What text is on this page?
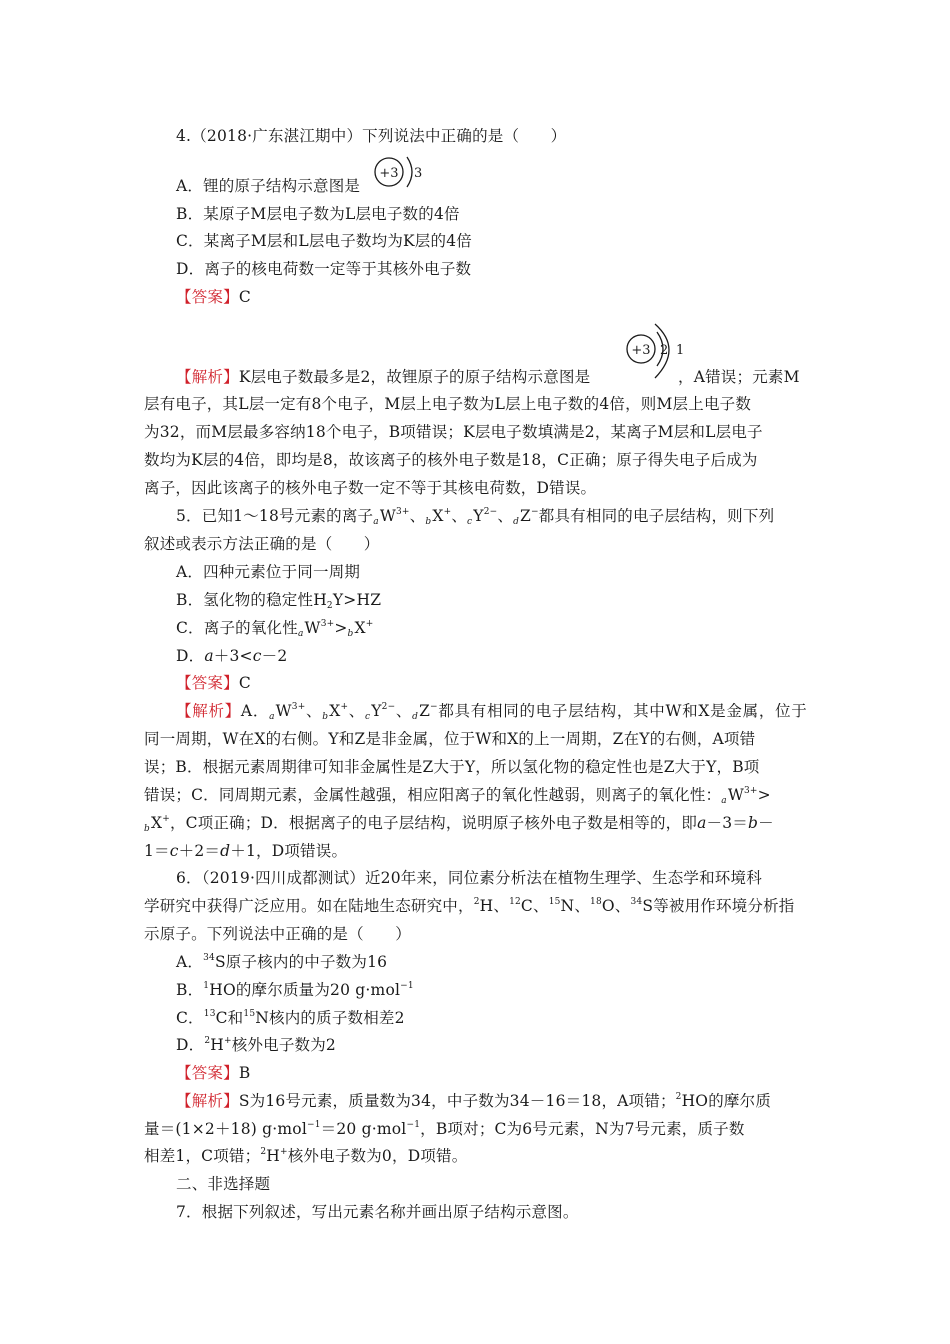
4.（2018·广东湛江期中）下列说法中正确的是（　　）
A．锂的原子结构示意图是
+3 3
B．某原子M层电子数为L层电子数的4倍
C．某离子M层和L层电子数均为K层的4倍
D．离子的核电荷数一定等于其核外电子数
【答案】C
+3 2 1
【解析】K层电子数最多是2，故锂原子的原子结构示意图是	，A错误；元素M
层有电子，其L层一定有8个电子，M层上电子数为L层上电子数的4倍，则M层上电子数
为32，而M层最多容纳18个电子，B项错误；K层电子数填满是2，某离子M层和L层电子
数均为K层的4倍，即均是8，故该离子的核外电子数是18，C正确；原子得失电子后成为
离子，因此该离子的核外电子数一定不等于其核电荷数，D错误。
5．已知1～18号元素的离子$aW^{3+}$、bX+、$cY^{2-}$、dZ−都具有相同的电子层结构，则下列
叙述或表示方法正确的是（　　）
A．四种元素位于同一周期
B．氢化物的稳定性$H_2Y>HZ$
C．离子的氧化性$aW^{3+}>bX^+$
D．a＋3<c－2
【答案】C
【解析】A．$aW^{3+}$、bX+、$cY^{2-}$、dZ−都具有相同的电子层结构，其中W和X是金属，位于
同一周期，W在X的右侧。Y和Z是非金属，位于W和X的上一周期，Z在Y的右侧，A项错
误；B．根据元素周期律可知非金属性是Z大于Y，所以氢化物的稳定性也是Z大于Y，B项
错误；C．同周期元素，金属性越强，相应阳离子的氧化性越弱，则离子的氧化性：$aW^{3+}>$
bX+，C项正确；D．根据离子的电子层结构，说明原子核外电子数是相等的，即a－3＝b－
1＝c＋2＝d＋1，D项错误。
6．（2019·四川成都测试）近20年来，同位素分析法在植物生理学、生态学和环境科
学研究中获得广泛应用。如在陆地生态研究中，$^2$H、$^{12}$C、$^{15}$N、$^{18}$O、$^{34}$S等被用作环境分析指
示原子。下列说法中正确的是（　　）
A．$^{34}$S原子核内的中子数为16
B．$^1$HO的摩尔质量为20 g·mol$^{-1}$
C．$^{13}$C和$^{15}$N核内的质子数相差2
D．$^2$H+核外电子数为2
【答案】B
【解析】S为16号元素，质量数为34，中子数为34－16＝18，A项错；$^2$HO的摩尔质
量＝(1×2＋18) g·mol$^{-1}$＝20 g·mol$^{-1}$，B项对；C为6号元素，N为7号元素，质子数
相差1，C项错；$^2$H+核外电子数为0，D项错。
二、非选择题
7．根据下列叙述，写出元素名称并画出原子结构示意图。
